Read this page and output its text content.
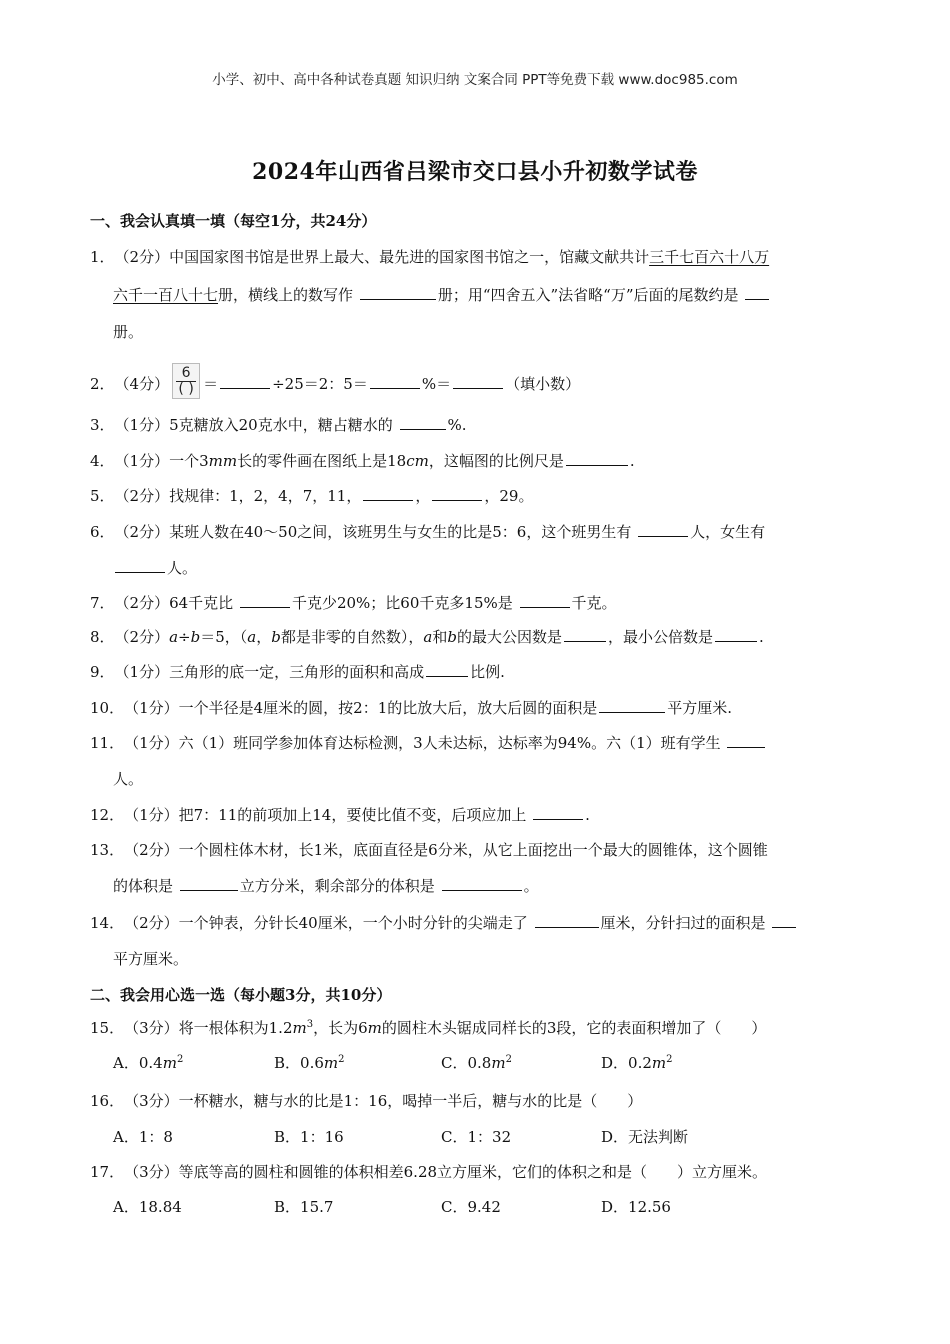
小学、初中、高中各种试卷真题 知识归纳 文案合同 PPT等免费下载 www.doc985.com
2024年山西省吕梁市交口县小升初数学试卷
一、我会认真填一填（每空1分，共24分）
1．（2分）中国国家图书馆是世界上最大、最先进的国家图书馆之一，馆藏文献共计三千七百六十八万
六千一百八十七册，横线上的数写作	册；用“四舍五入”法省略“万”后面的尾数约是
册。
2．（4分） $\frac{6}{( )}$ ＝	÷25＝2：5＝	%＝	（填小数）
3．（1分）5克糖放入20克水中，糖占糖水的	%.
4．（1分）一个3mm长的零件画在图纸上是18cm，这幅图的比例尺是	.
5．（2分）找规律：1，2，4，7，11，	，	，29。
6．（2分）某班人数在40～50之间，该班男生与女生的比是5：6，这个班男生有	人，女生有
人。
7．（2分）64千克比	千克少20%；比60千克多15%是	千克。
8．（2分）a÷b＝5，（a，b都是非零的自然数），a和b的最大公因数是	，最小公倍数是	.
9．（1分）三角形的底一定，三角形的面积和高成	比例.
10．（1分）一个半径是4厘米的圆，按2：1的比放大后，放大后圆的面积是	平方厘米.
11．（1分）六（1）班同学参加体育达标检测，3人未达标，达标率为94%。六（1）班有学生
人。
12．（1分）把7：11的前项加上14，要使比值不变，后项应加上	.
13．（2分）一个圆柱体木材，长1米，底面直径是6分米，从它上面挖出一个最大的圆锥体，这个圆锥
的体积是	立方分米，剩余部分的体积是	。
14．（2分）一个钟表，分针长40厘米，一个小时分针的尖端走了	厘米，分针扫过的面积是
平方厘米。
二、我会用心选一选（每小题3分，共10分）
15．（3分）将一根体积为$1.2m^3$，长为6m的圆柱木头锯成同样长的3段，它的表面积增加了（　　）
A．$0.4m^2$	B．$0.6m^2$	C．$0.8m^2$	D．$0.2m^2$
16．（3分）一杯糖水，糖与水的比是1：16，喝掉一半后，糖与水的比是（　　）
A．1：8	B．1：16	C．1：32	D．无法判断
17．（3分）等底等高的圆柱和圆锥的体积相差6.28立方厘米，它们的体积之和是（　　）立方厘米。
A．18.84	B．15.7	C．9.42	D．12.56
